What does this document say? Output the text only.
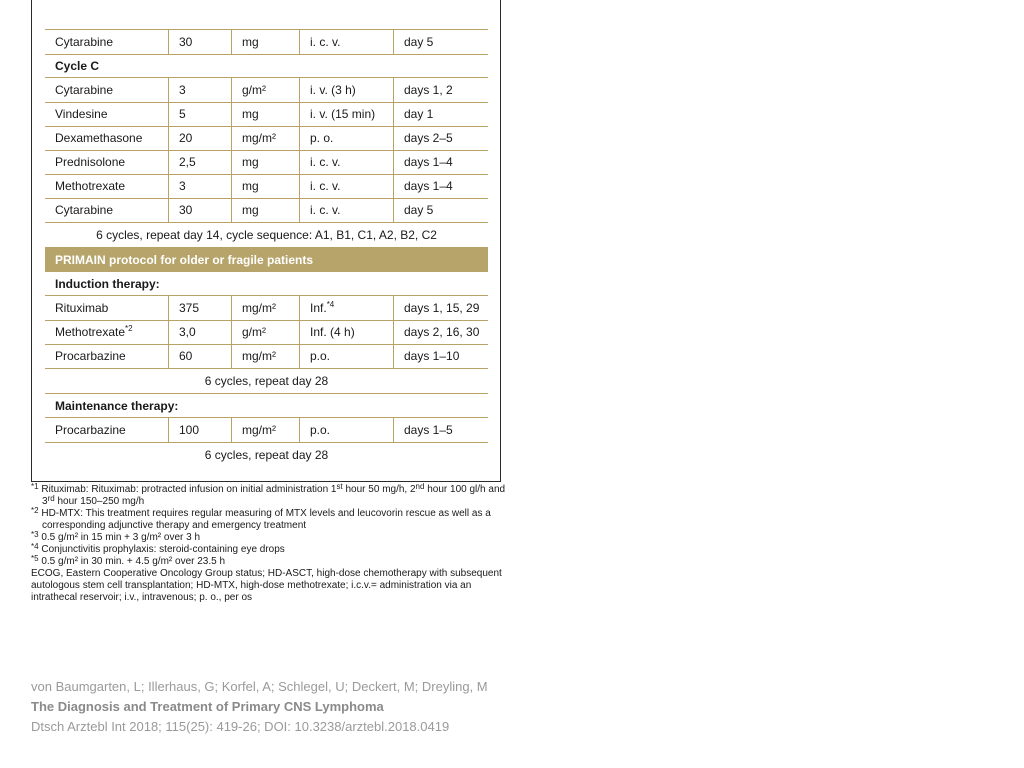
Cytarabine	30	mg	i. c. v.	day 5
Cycle C
Cytarabine	3	g/m²	i. v. (3 h)	days 1, 2
Vindesine	5	mg	i. v. (15 min)	day 1
Dexamethasone	20	mg/m²	p. o.	days 2–5
Prednisolone	2,5	mg	i. c. v.	days 1–4
Methotrexate	3	mg	i. c. v.	days 1–4
Cytarabine	30	mg	i. c. v.	day 5
6 cycles, repeat day 14, cycle sequence: A1, B1, C1, A2, B2, C2
PRIMAIN protocol for older or fragile patients
Induction therapy:
Rituximab	375	mg/m²	Inf.$^{*4}$	days 1, 15, 29
Methotrexate$^{*2}$	3,0	g/m²	Inf. (4 h)	days 2, 16, 30
Procarbazine	60	mg/m²	p.o.	days 1–10
6 cycles, repeat day 28
Maintenance therapy:
Procarbazine	100	mg/m²	p.o.	days 1–5
6 cycles, repeat day 28
$^{*1}$ Rituximab: Rituximab: protracted infusion on initial administration 1st hour 50 mg/h, 2nd hour 100 gl/h and
3rd hour 150–250 mg/h
$^{*2}$ HD-MTX: This treatment requires regular measuring of MTX levels and leucovorin rescue as well as a
corresponding adjunctive therapy and emergency treatment
$^{*3}$ 0.5 g/m² in 15 min + 3 g/m² over 3 h
$^{*4}$ Conjunctivitis prophylaxis: steroid-containing eye drops
$^{*5}$ 0.5 g/m² in 30 min. + 4.5 g/m² over 23.5 h
ECOG, Eastern Cooperative Oncology Group status; HD-ASCT, high-dose chemotherapy with subsequent
autologous stem cell transplantation; HD-MTX, high-dose methotrexate; i.c.v.= administration via an
intrathecal reservoir; i.v., intravenous; p. o., per os
von Baumgarten, L; Illerhaus, G; Korfel, A; Schlegel, U; Deckert, M; Dreyling, M
The Diagnosis and Treatment of Primary CNS Lymphoma
Dtsch Arztebl Int 2018; 115(25): 419-26; DOI: 10.3238/arztebl.2018.0419
